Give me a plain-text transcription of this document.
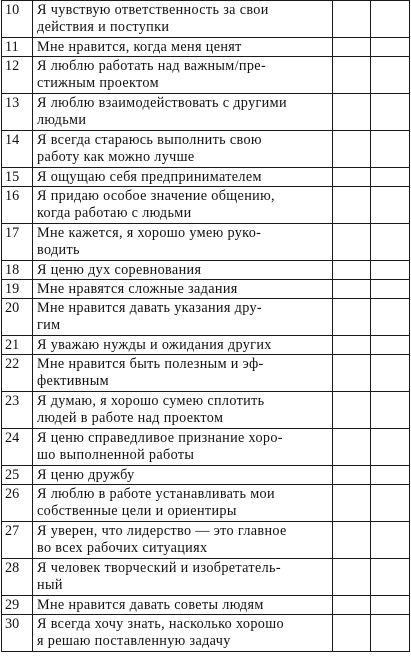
10	Я чувствую ответственность за свои
действия и поступки		

11	Мне нравится, когда меня ценят		

12	Я люблю работать над важным/пре-
стижным проектом		

13	Я люблю взаимодействовать с другими
людьми		

14	Я всегда стараюсь выполнить свою
работу как можно лучше		

15	Я ощущаю себя предпринимателем		

16	Я придаю особое значение общению,
когда работаю с людьми		

17	Мне кажется, я хорошо умею руко-
водить		

18	Я ценю дух соревнования		

19	Мне нравятся сложные задания		

20	Мне нравится давать указания дру-
гим		

21	Я уважаю нужды и ожидания других		

22	Мне нравится быть полезным и эф-
фективным		

23	Я думаю, я хорошо сумею сплотить
людей в работе над проектом		

24	Я ценю справедливое признание хоро-
шо выполненной работы		

25	Я ценю дружбу		

26	Я люблю в работе устанавливать мои
собственные цели и ориентиры		

27	Я уверен, что лидерство — это главное
во всех рабочих ситуациях		

28	Я человек творческий и изобретатель-
ный		

29	Мне нравится давать советы людям		

30	Я всегда хочу знать, насколько хорошо
я решаю поставленную задачу		
